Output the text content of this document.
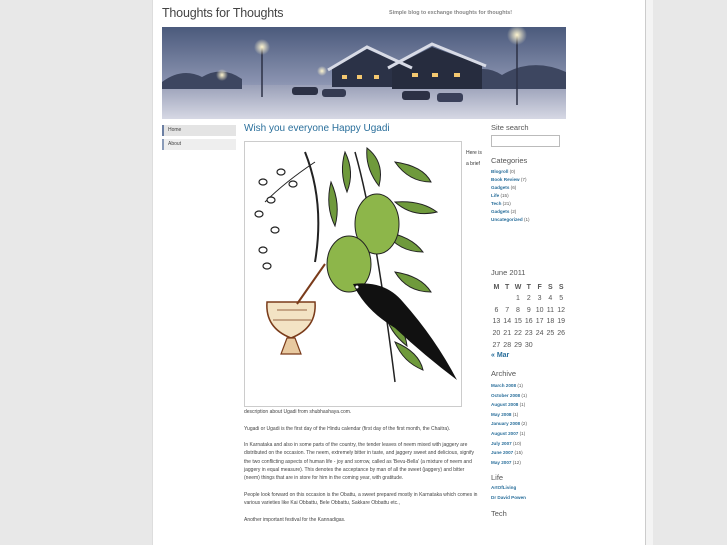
Thoughts for Thoughts	Simple blog to exchange thoughts for thoughts!
Home
About
Wish you everyone Happy Ugadi
Here is a brief

description about Ugadi from shubhashaya.com.

Yugadi or Ugadi is the first day of the Hindu calendar (first day of the first month, the Chaitra).

In Karnataka and also in some parts of the country, the tender leaves of neem mixed with jaggery are distributed on the occasion. The neem, extremely bitter in taste, and jaggery sweet and delicious, signify the two conflicting aspects of human life - joy and sorrow, called as 'Bevu-Bella' (a mixture of neem and jaggery in equal measure). This denotes the acceptance by man of all the sweet (jaggery) and bitter (neem) things that are in store for him in the coming year, with gratitude.

People look forward on this occasion is the Obattu, a sweet prepared mostly in Karnataka which comes in various varieties like Kai Obbattu, Bele Obbattu, Sakkare Obbattu etc.,

Another important festival for the Kannadigas.

Site search
Categories
Blogroll (0)
Book Review (7)
Gadgets (6)
Life (15)
Tech (21)
Gadgets (2)
Uncategorized (1)
June 2011
M	T	W	T	F	S	S
		1	2	3	4	5
6	7	8	9	10	11	12
13	14	15	16	17	18	19
20	21	22	23	24	25	26
27	28	29	30			
« Mar
Archive
March 2008 (1)
October 2008 (1)
August 2008 (1)
May 2008 (1)
January 2008 (2)
August 2007 (1)
July 2007 (10)
June 2007 (15)
May 2007 (12)
Life
ArtOfLiving
Dr David Powen
Tech
